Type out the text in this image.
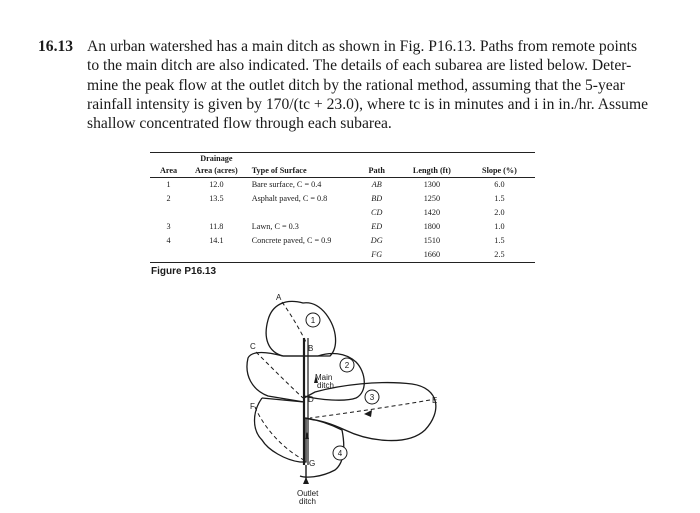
16.13 An urban watershed has a main ditch as shown in Fig. P16.13. Paths from remote points
to the main ditch are also indicated. The details of each subarea are listed below. Deter-
mine the peak flow at the outlet ditch by the rational method, assuming that the 5-year
rainfall intensity is given by 170/(tc + 23.0), where tc is in minutes and i in in./hr. Assume
shallow concentrated flow through each subarea.
Area	Drainage	Type of Surface	Path	Length (ft)	Slope (%)
	Area (acres)				
1	12.0	Bare surface, C = 0.4	AB	1300	6.0
2	13.5	Asphalt paved, C = 0.8	BD	1250	1.5
			CD	1420	2.0
3	11.8	Lawn, C = 0.3	ED	1800	1.0
4	14.1	Concrete paved, C = 0.9	DG	1510	1.5
			FG	1660	2.5
Figure P16.13
A
B
C
D	E
F
G
Main
ditch
Outlet
ditch
1
2
3
4
